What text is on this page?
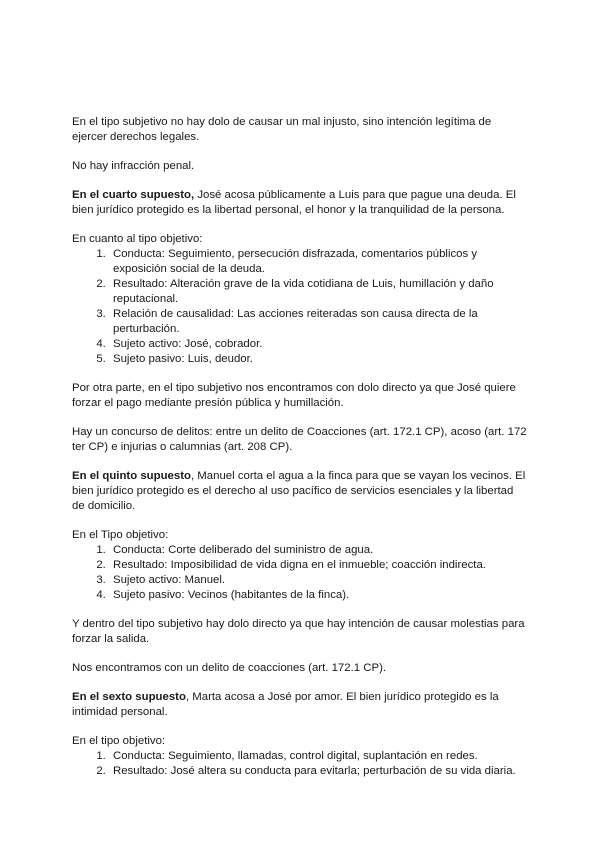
En el tipo subjetivo no hay dolo de causar un mal injusto, sino intención legítima de ejercer derechos legales.

No hay infracción penal.

En el cuarto supuesto, José acosa públicamente a Luis para que pague una deuda. El bien jurídico protegido es la libertad personal, el honor y la tranquilidad de la persona.

En cuanto al tipo objetivo:

1. Conducta: Seguimiento, persecución disfrazada, comentarios públicos y exposición social de la deuda.
2. Resultado: Alteración grave de la vida cotidiana de Luis, humillación y daño reputacional.
3. Relación de causalidad: Las acciones reiteradas son causa directa de la perturbación.
4. Sujeto activo: José, cobrador.
5. Sujeto pasivo: Luis, deudor.

Por otra parte, en el tipo subjetivo nos encontramos con dolo directo ya que José quiere forzar el pago mediante presión pública y humillación.

Hay un concurso de delitos: entre un delito de Coacciones (art. 172.1 CP), acoso (art. 172 ter CP) e injurias o calumnias (art. 208 CP).

En el quinto supuesto, Manuel corta el agua a la finca para que se vayan los vecinos. El bien jurídico protegido es el derecho al uso pacífico de servicios esenciales y la libertad de domicilio.

En el Tipo objetivo:

1. Conducta: Corte deliberado del suministro de agua.
2. Resultado: Imposibilidad de vida digna en el inmueble; coacción indirecta.
3. Sujeto activo: Manuel.
4. Sujeto pasivo: Vecinos (habitantes de la finca).

Y dentro del tipo subjetivo hay dolo directo ya que hay intención de causar molestias para forzar la salida.

Nos encontramos con un delito de coacciones (art. 172.1 CP).

En el sexto supuesto, Marta acosa a José por amor. El bien jurídico protegido es la intimidad personal.

En el tipo objetivo:

1. Conducta: Seguimiento, llamadas, control digital, suplantación en redes.
2. Resultado: José altera su conducta para evitarla; perturbación de su vida diaria.
